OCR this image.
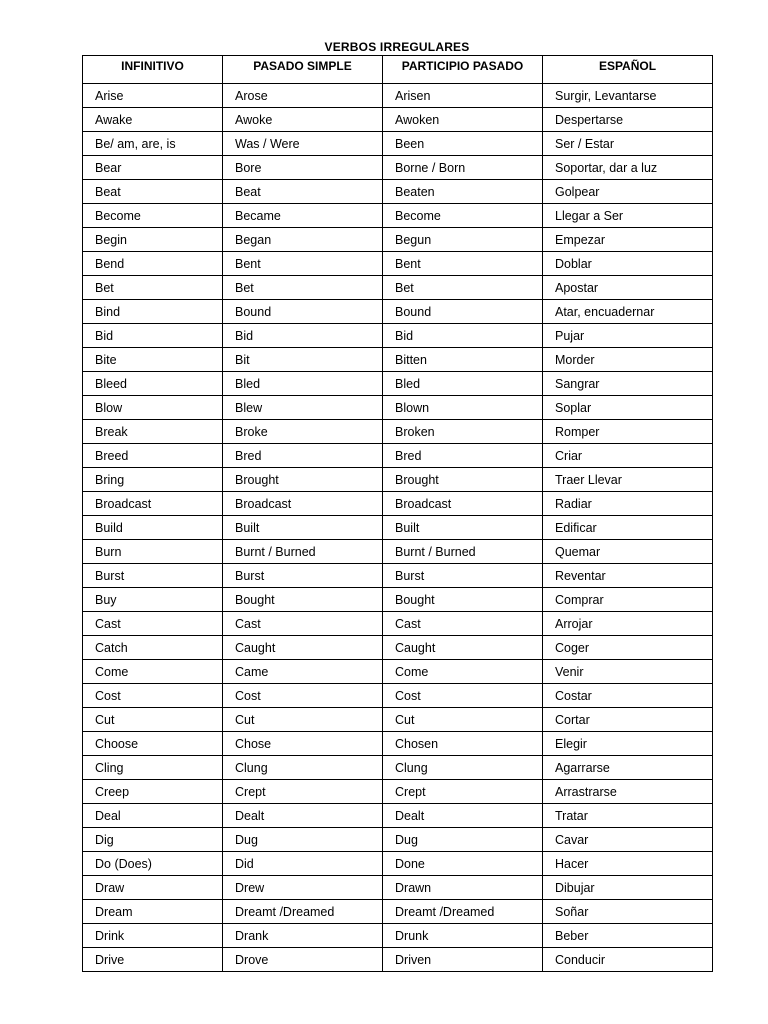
VERBOS IRREGULARES
INFINITIVO	PASADO SIMPLE	PARTICIPIO PASADO	ESPAÑOL

Arise	Arose	Arisen	Surgir, Levantarse
Awake	Awoke	Awoken	Despertarse
Be/ am, are, is	Was / Were	Been	Ser / Estar
Bear	Bore	Borne / Born	Soportar, dar a luz
Beat	Beat	Beaten	Golpear
Become	Became	Become	Llegar a Ser
Begin	Began	Begun	Empezar
Bend	Bent	Bent	Doblar
Bet	Bet	Bet	Apostar
Bind	Bound	Bound	Atar, encuadernar
Bid	Bid	Bid	Pujar
Bite	Bit	Bitten	Morder
Bleed	Bled	Bled	Sangrar
Blow	Blew	Blown	Soplar
Break	Broke	Broken	Romper
Breed	Bred	Bred	Criar
Bring	Brought	Brought	Traer Llevar
Broadcast	Broadcast	Broadcast	Radiar
Build	Built	Built	Edificar
Burn	Burnt / Burned	Burnt / Burned	Quemar
Burst	Burst	Burst	Reventar
Buy	Bought	Bought	Comprar
Cast	Cast	Cast	Arrojar
Catch	Caught	Caught	Coger
Come	Came	Come	Venir
Cost	Cost	Cost	Costar
Cut	Cut	Cut	Cortar
Choose	Chose	Chosen	Elegir
Cling	Clung	Clung	Agarrarse
Creep	Crept	Crept	Arrastrarse
Deal	Dealt	Dealt	Tratar
Dig	Dug	Dug	Cavar
Do (Does)	Did	Done	Hacer
Draw	Drew	Drawn	Dibujar
Dream	Dreamt /Dreamed	Dreamt /Dreamed	Soñar
Drink	Drank	Drunk	Beber
Drive	Drove	Driven	Conducir
